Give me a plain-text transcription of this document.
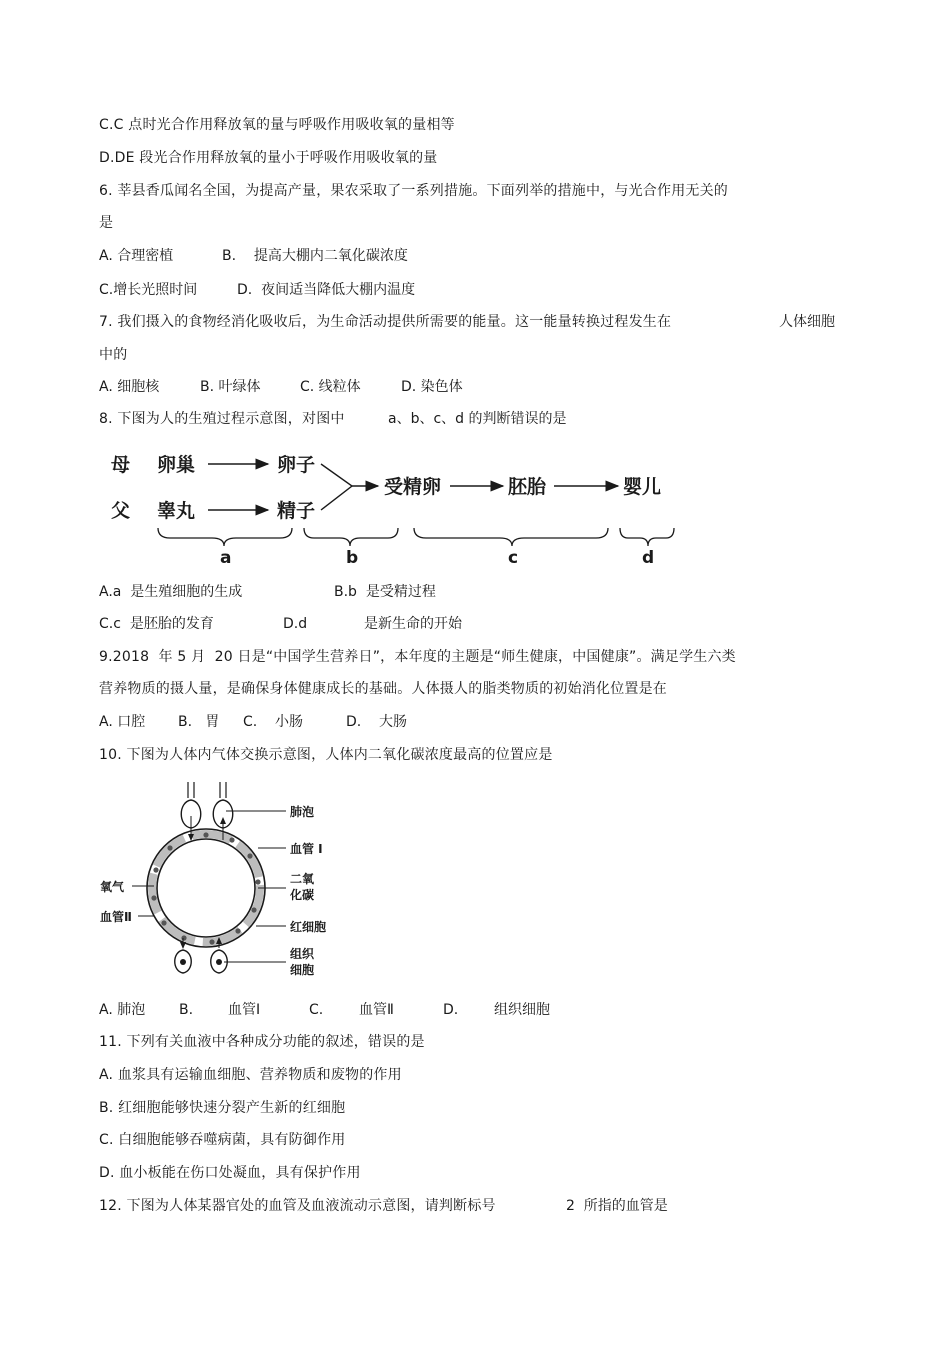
C.C 点时光合作用释放氧的量与呼吸作用吸收氧的量相等
D.DE 段光合作用释放氧的量小于呼吸作用吸收氧的量
6. 莘县香瓜闻名全国，为提高产量，果农采取了一系列措施。下面列举的措施中，与光合作用无关的
是
A. 合理密植	B.    提高大棚内二氧化碳浓度
C.增长光照时间	D.  夜间适当降低大棚内温度
7. 我们摄入的食物经消化吸收后，为生命活动提供所需要的能量。这一能量转换过程发生在	人体细胞
中的
A. 细胞核	B. 叶绿体	C. 线粒体	D. 染色体
8. 下图为人的生殖过程示意图，对图中	a、b、c、d 的判断错误的是
母
父
卵巢
睾丸
卵子
精子
受精卵	胚胎	婴儿
a	b	c	d
A.a  是生殖细胞的生成	B.b  是受精过程
C.c  是胚胎的发育	D.d	是新生命的开始
9.2018  年 5 月  20 日是“中国学生营养日”，本年度的主题是“师生健康，中国健康”。满足学生六类
营养物质的摄人量，是确保身体健康成长的基础。人体摄人的脂类物质的初始消化位置是在
A. 口腔 B.   胃 C.    小肠	D.    大肠
10. 下图为人体内气体交换示意图，人体内二氧化碳浓度最高的位置应是
肺泡
血管 I
二氧
化碳
红细胞
组织
细胞
氧气
血管Ⅱ
A. 肺泡 B. 血管Ⅰ	C.	血管Ⅱ	D.	组织细胞
11. 下列有关血液中各种成分功能的叙述，错误的是
A. 血浆具有运输血细胞、营养物质和废物的作用
B. 红细胞能够快速分裂产生新的红细胞
C. 白细胞能够吞噬病菌，具有防御作用
D. 血小板能在伤口处凝血，具有保护作用
12. 下图为人体某器官处的血管及血液流动示意图，请判断标号	2  所指的血管是
